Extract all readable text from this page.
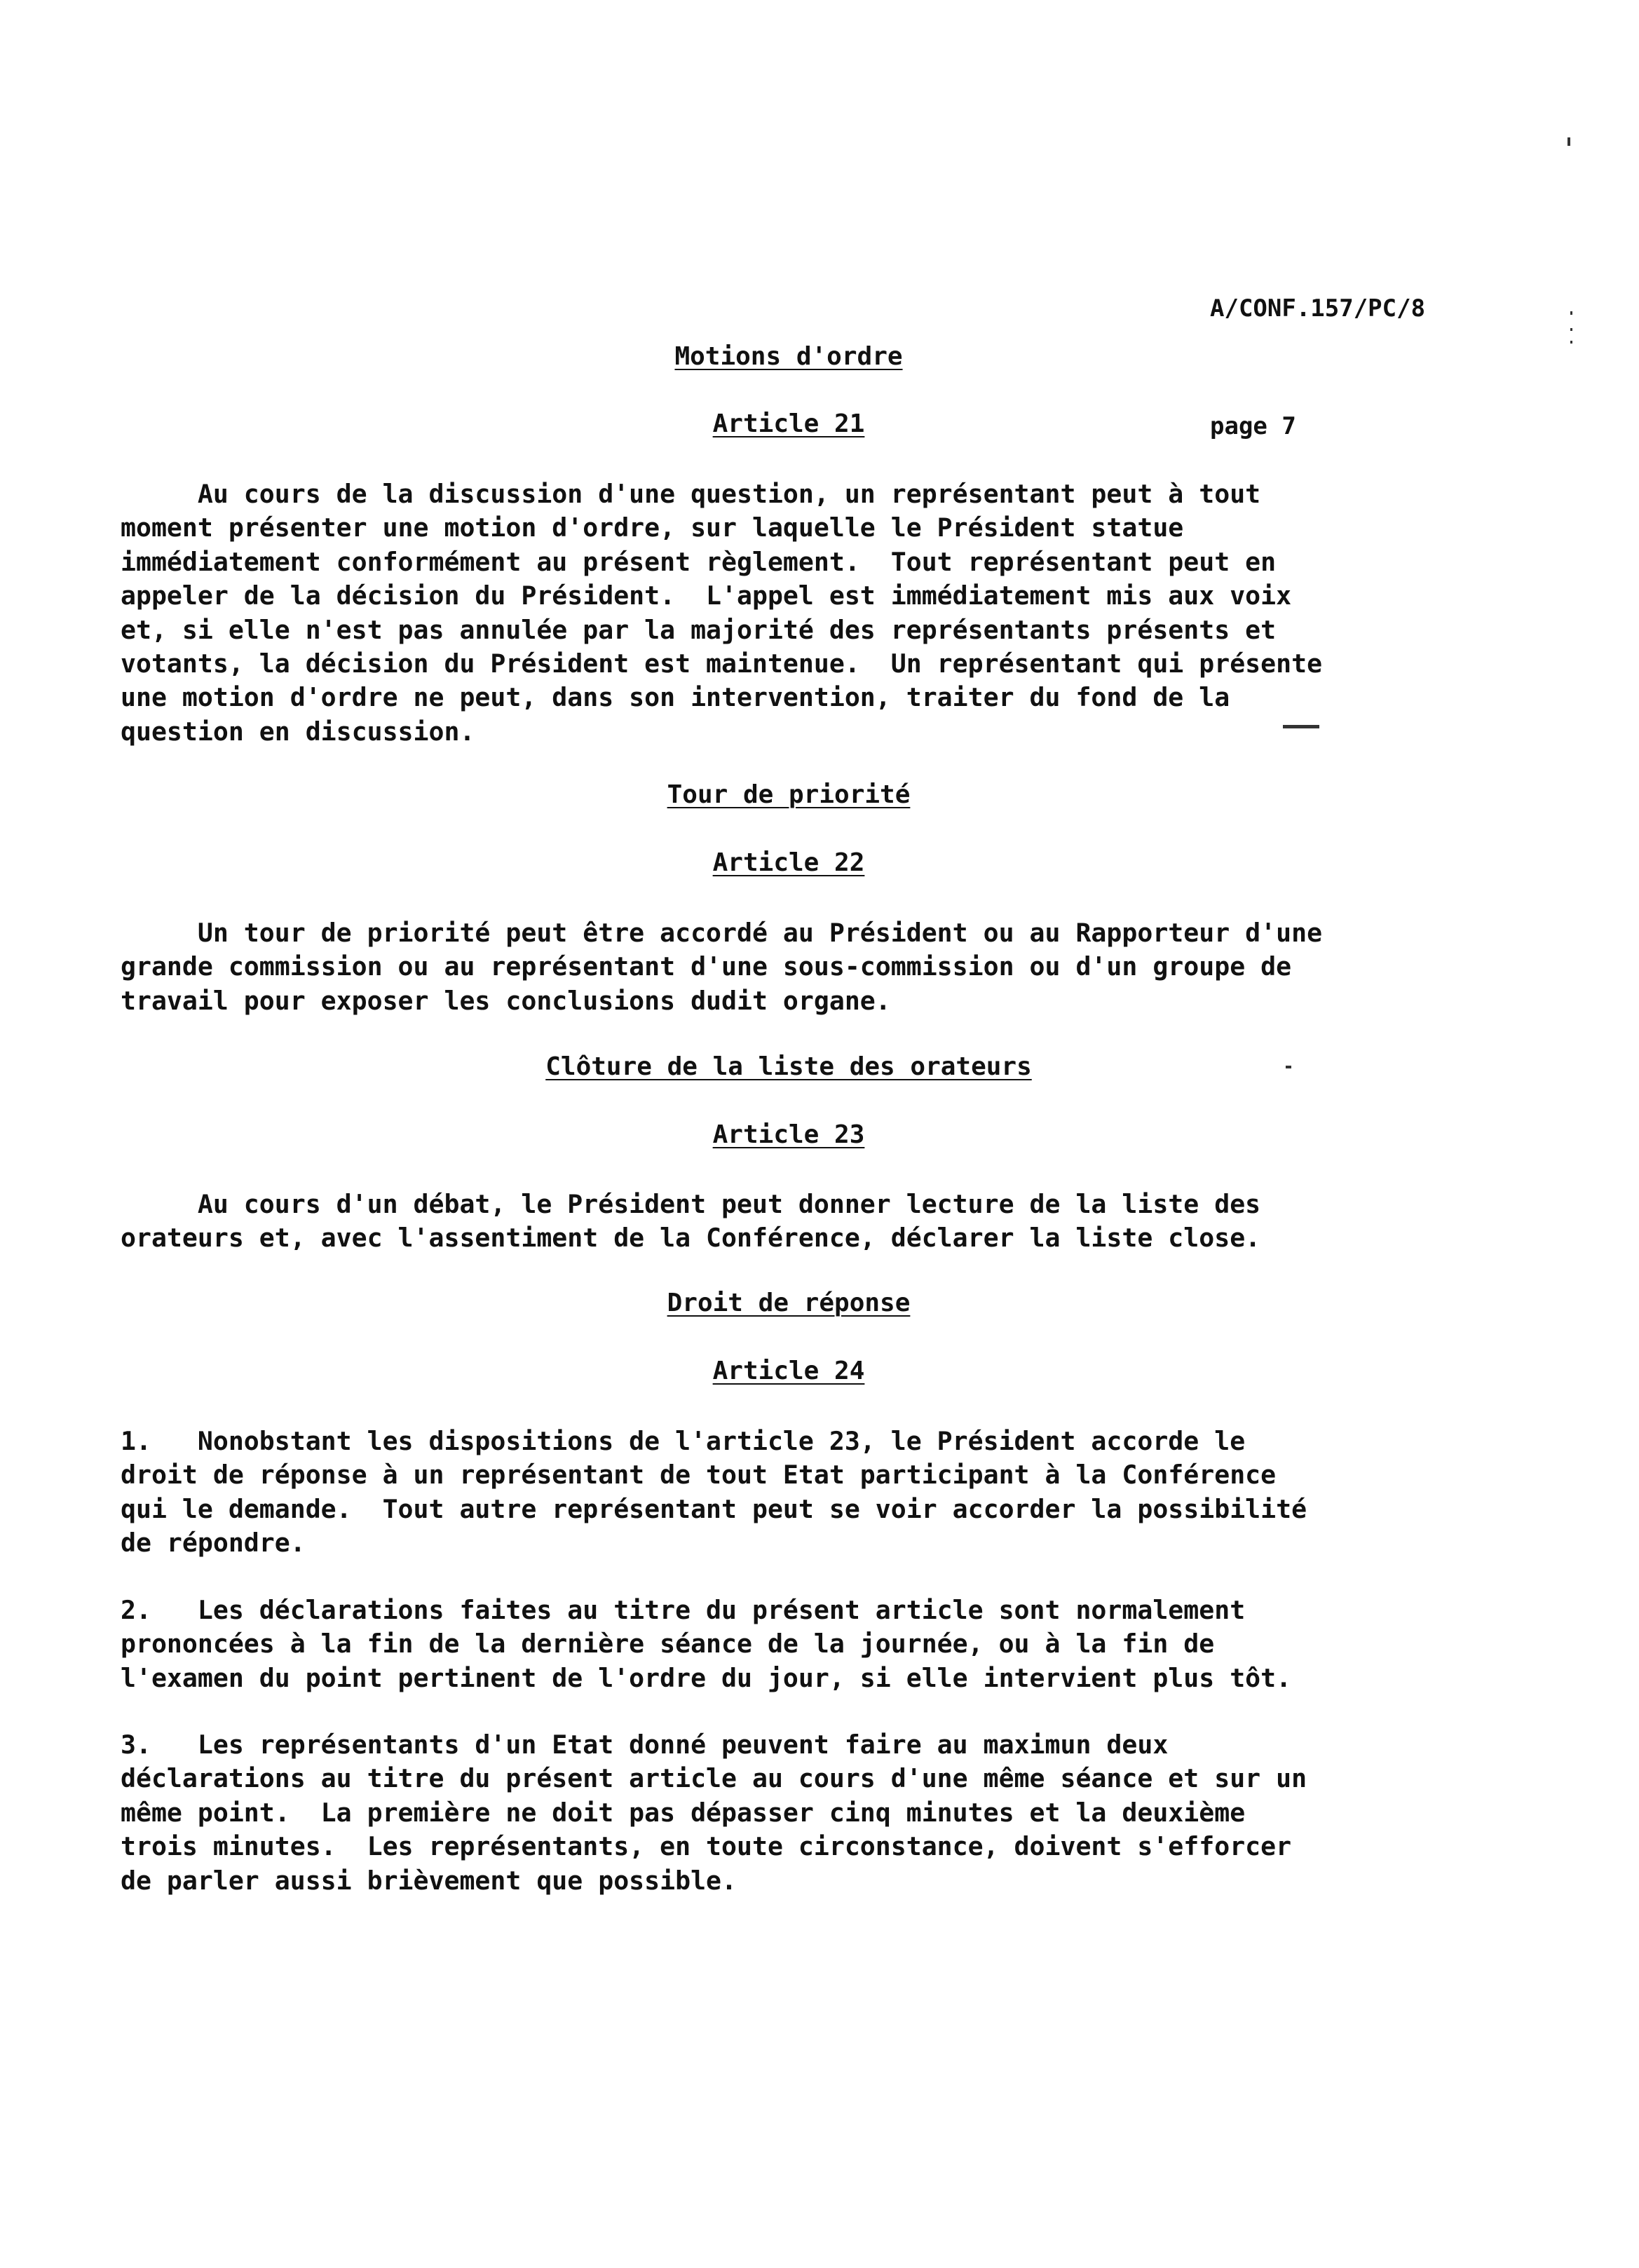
A/CONF.157/PC/8

page 7

Motions d'ordre
Article 21
Au cours de la discussion d'une question, un représentant peut à tout
moment présenter une motion d'ordre, sur laquelle le Président statue
immédiatement conformément au présent règlement.  Tout représentant peut en
appeler de la décision du Président.  L'appel est immédiatement mis aux voix
et, si elle n'est pas annulée par la majorité des représentants présents et
votants, la décision du Président est maintenue.  Un représentant qui présente
une motion d'ordre ne peut, dans son intervention, traiter du fond de la
question en discussion.
Tour de priorité
Article 22
Un tour de priorité peut être accordé au Président ou au Rapporteur d'une
grande commission ou au représentant d'une sous-commission ou d'un groupe de
travail pour exposer les conclusions dudit organe.
Clôture de la liste des orateurs
Article 23
Au cours d'un débat, le Président peut donner lecture de la liste des
orateurs et, avec l'assentiment de la Conférence, déclarer la liste close.
Droit de réponse
Article 24
1.   Nonobstant les dispositions de l'article 23, le Président accorde le
droit de réponse à un représentant de tout Etat participant à la Conférence
qui le demande.  Tout autre représentant peut se voir accorder la possibilité
de répondre.
2.   Les déclarations faites au titre du présent article sont normalement
prononcées à la fin de la dernière séance de la journée, ou à la fin de
l'examen du point pertinent de l'ordre du jour, si elle intervient plus tôt.
3.   Les représentants d'un Etat donné peuvent faire au maximun deux
déclarations au titre du présent article au cours d'une même séance et sur un
même point.  La première ne doit pas dépasser cinq minutes et la deuxième
trois minutes.  Les représentants, en toute circonstance, doivent s'efforcer
de parler aussi brièvement que possible.
